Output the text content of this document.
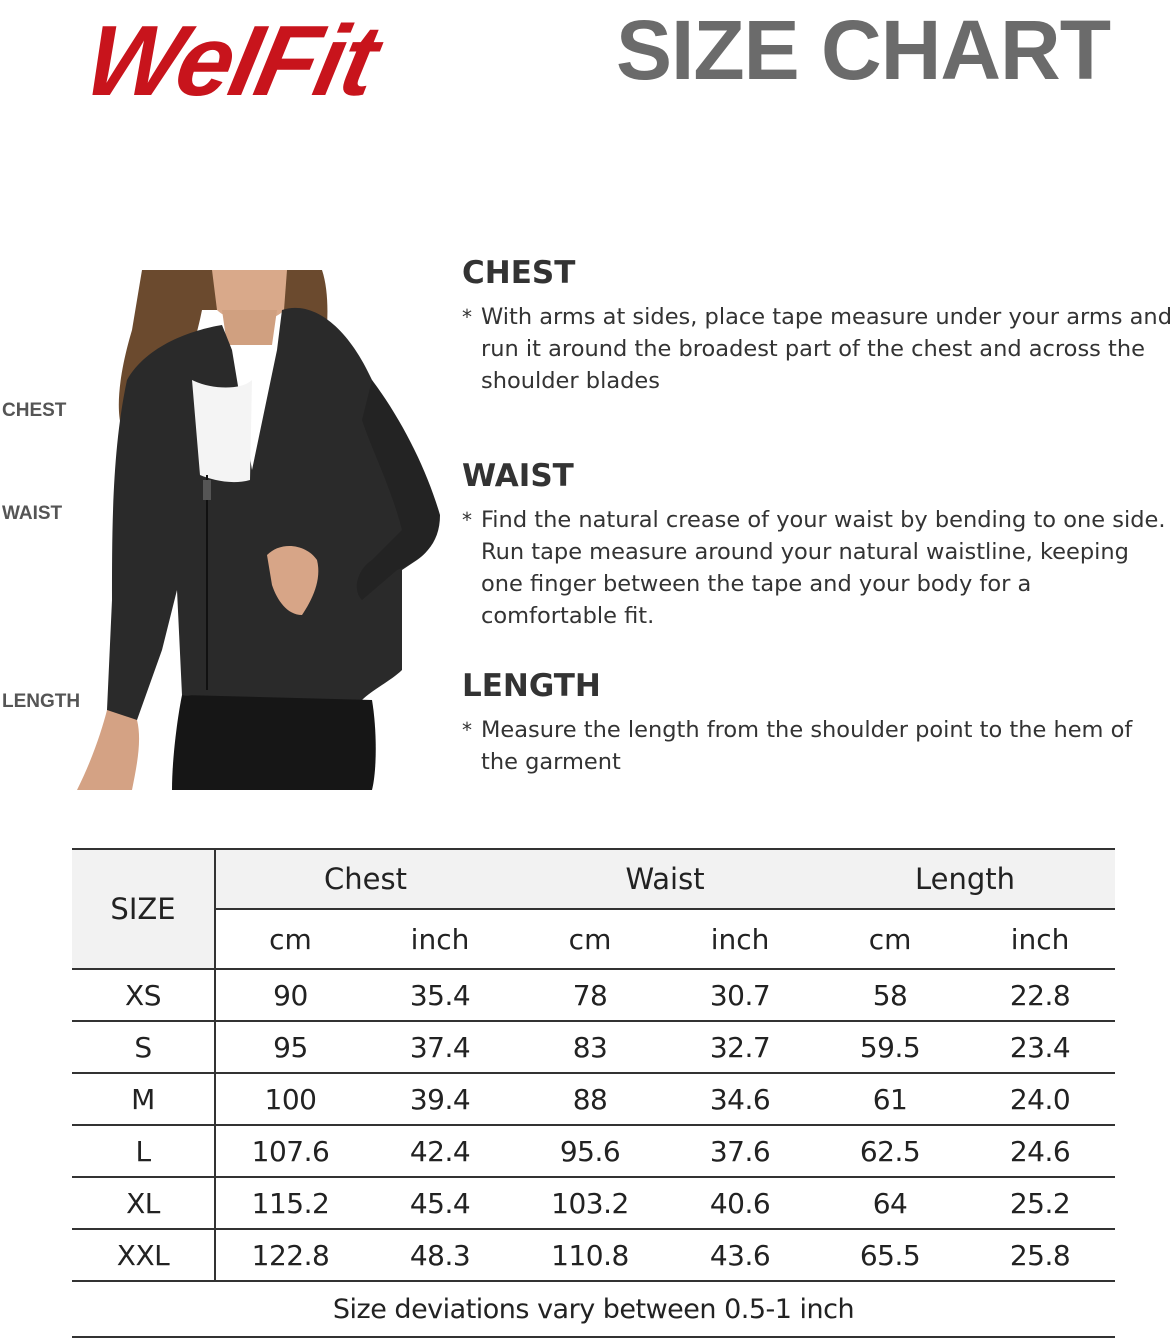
WeIFit	SIZE CHART
CHEST
WAIST
LENGTH
CHEST
* With arms at sides, place tape measure under your arms and run it around the broadest part of the chest and across the shoulder blades
WAIST
* Find the natural crease of your waist by bending to one side. Run tape measure around your natural waistline, keeping one finger between the tape and your body for a comfortable fit.
LENGTH
* Measure the length from the shoulder point to the hem of the garment
SIZE	Chest		Waist		Length	
	cm	inch	cm	inch	cm	inch
XS	90	35.4	78	30.7	58	22.8
S	95	37.4	83	32.7	59.5	23.4
M	100	39.4	88	34.6	61	24.0
L	107.6	42.4	95.6	37.6	62.5	24.6
XL	115.2	45.4	103.2	40.6	64	25.2
XXL	122.8	48.3	110.8	43.6	65.5	25.8
Size deviations vary between 0.5-1 inch						
